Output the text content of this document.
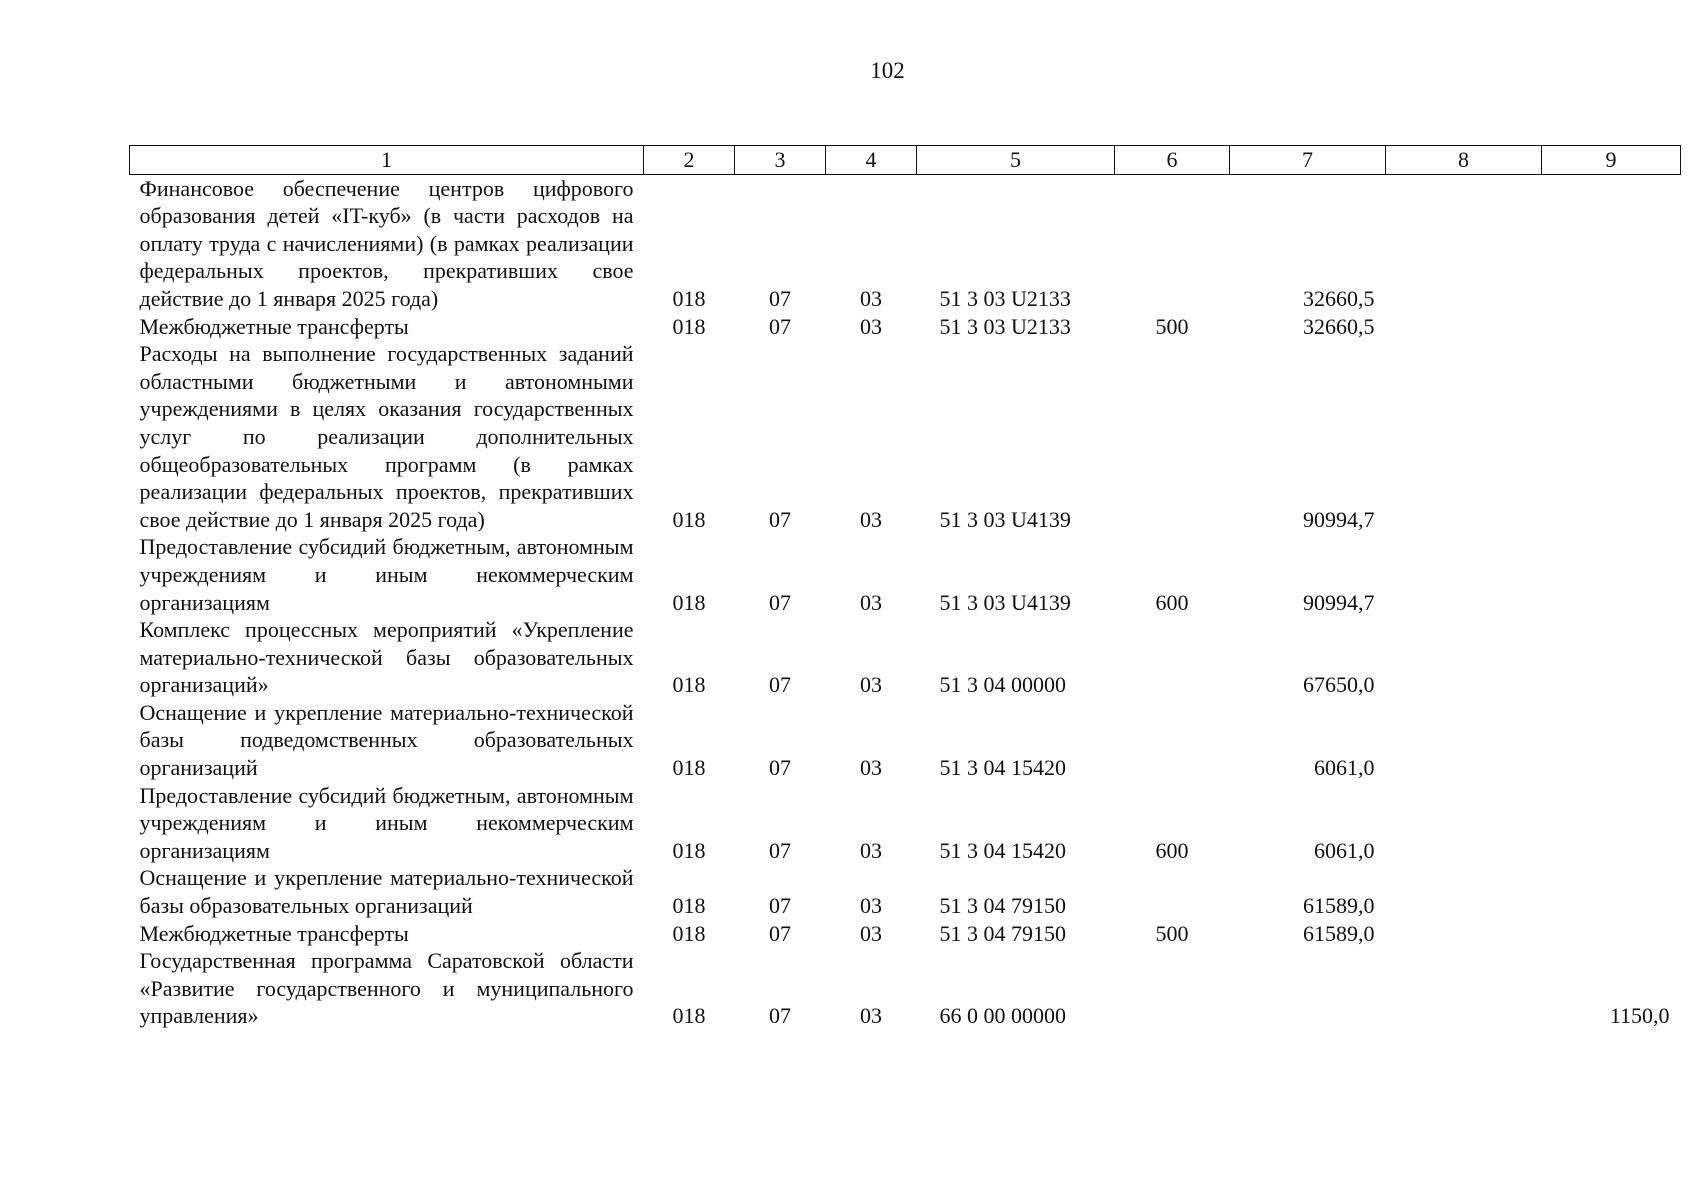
102
1	2	3	4	5	6	7	8	9
Финансовое обеспечение центров цифрового образования детей «IT-куб» (в части расходов на оплату труда с начислениями) (в рамках реализации федеральных проектов, прекративших свое действие до 1 января 2025 года)	018	07	03	51 3 03 U2133		32660,5		
Межбюджетные трансферты	018	07	03	51 3 03 U2133	500	32660,5		
Расходы на выполнение государственных заданий областными бюджетными и автономными учреждениями в целях оказания государственных услуг по реализации дополнительных общеобразовательных программ (в рамках реализации федеральных проектов, прекративших свое действие до 1 января 2025 года)	018	07	03	51 3 03 U4139		90994,7		
Предоставление субсидий бюджетным, автономным учреждениям и иным некоммерческим организациям	018	07	03	51 3 03 U4139	600	90994,7		
Комплекс процессных мероприятий «Укрепление материально-технической базы образовательных организаций»	018	07	03	51 3 04 00000		67650,0		
Оснащение и укрепление материально-технической базы подведомственных образовательных организаций	018	07	03	51 3 04 15420		6061,0		
Предоставление субсидий бюджетным, автономным учреждениям и иным некоммерческим организациям	018	07	03	51 3 04 15420	600	6061,0		
Оснащение и укрепление материально-технической базы образовательных организаций	018	07	03	51 3 04 79150		61589,0		
Межбюджетные трансферты	018	07	03	51 3 04 79150	500	61589,0		
Государственная программа Саратовской области «Развитие государственного и муниципального управления»	018	07	03	66 0 00 00000				1150,0
